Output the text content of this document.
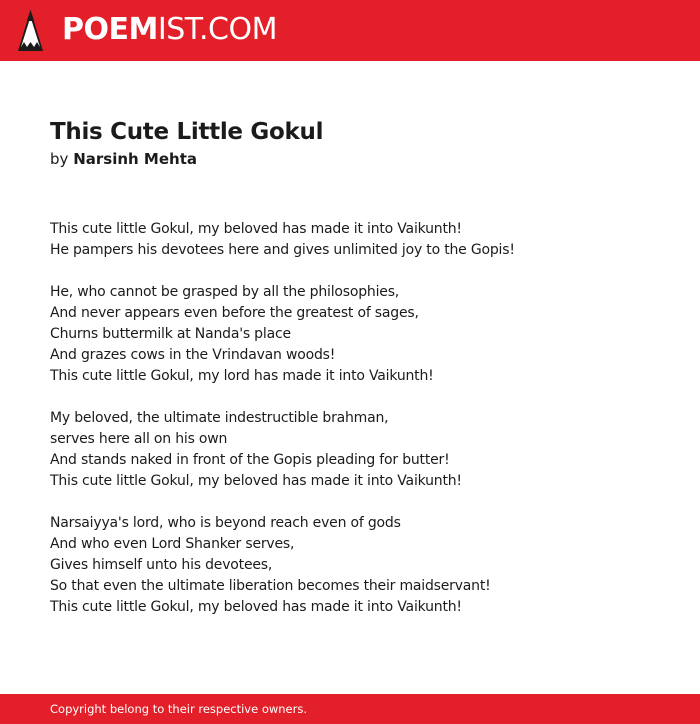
POEMIST.COM
This Cute Little Gokul
by Narsinh Mehta
This cute little Gokul, my beloved has made it into Vaikunth!
He pampers his devotees here and gives unlimited joy to the Gopis!
He, who cannot be grasped by all the philosophies,
And never appears even before the greatest of sages,
Churns buttermilk at Nanda's place
And grazes cows in the Vrindavan woods!
This cute little Gokul, my lord has made it into Vaikunth!
My beloved, the ultimate indestructible brahman,
serves here all on his own
And stands naked in front of the Gopis pleading for butter!
This cute little Gokul, my beloved has made it into Vaikunth!
Narsaiyya's lord, who is beyond reach even of gods
And who even Lord Shanker serves,
Gives himself unto his devotees,
So that even the ultimate liberation becomes their maidservant!
This cute little Gokul, my beloved has made it into Vaikunth!
Copyright belong to their respective owners.
